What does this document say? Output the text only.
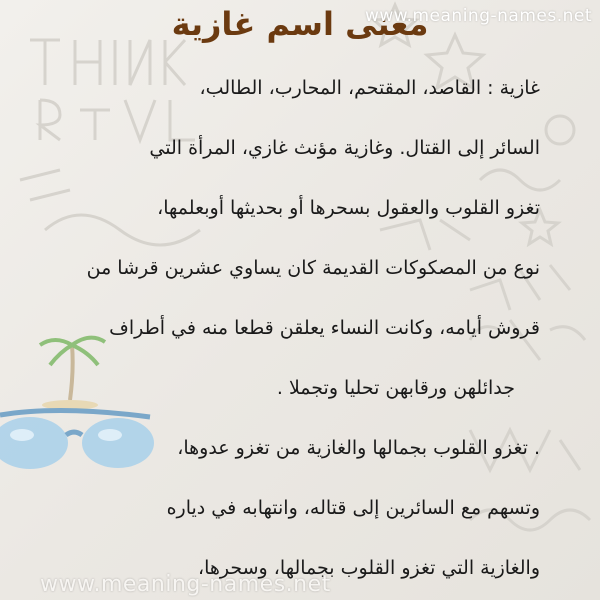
معنى اسم غازية
www.meaning-names.net
غازية : القاصد، المقتحم، المحارب، الطالب،
السائر إلى القتال. وغازية مؤنث غازي، المرأة التي
تغزو القلوب والعقول بسحرها أو بحديثها أوبعلمها،
نوع من المصكوكات القديمة كان يساوي عشرين قرشا من
قروش أيامه، وكانت النساء يعلقن قطعا منه في أطراف
جدائلهن ورقابهن تحليا وتجملا .
. تغزو القلوب بجمالها والغازية من تغزو عدوها،
وتسهم مع السائرين إلى قتاله، وانتهابه في دياره
والغازية التي تغزو القلوب بجمالها، وسحرها،
www.meaning-names.net
